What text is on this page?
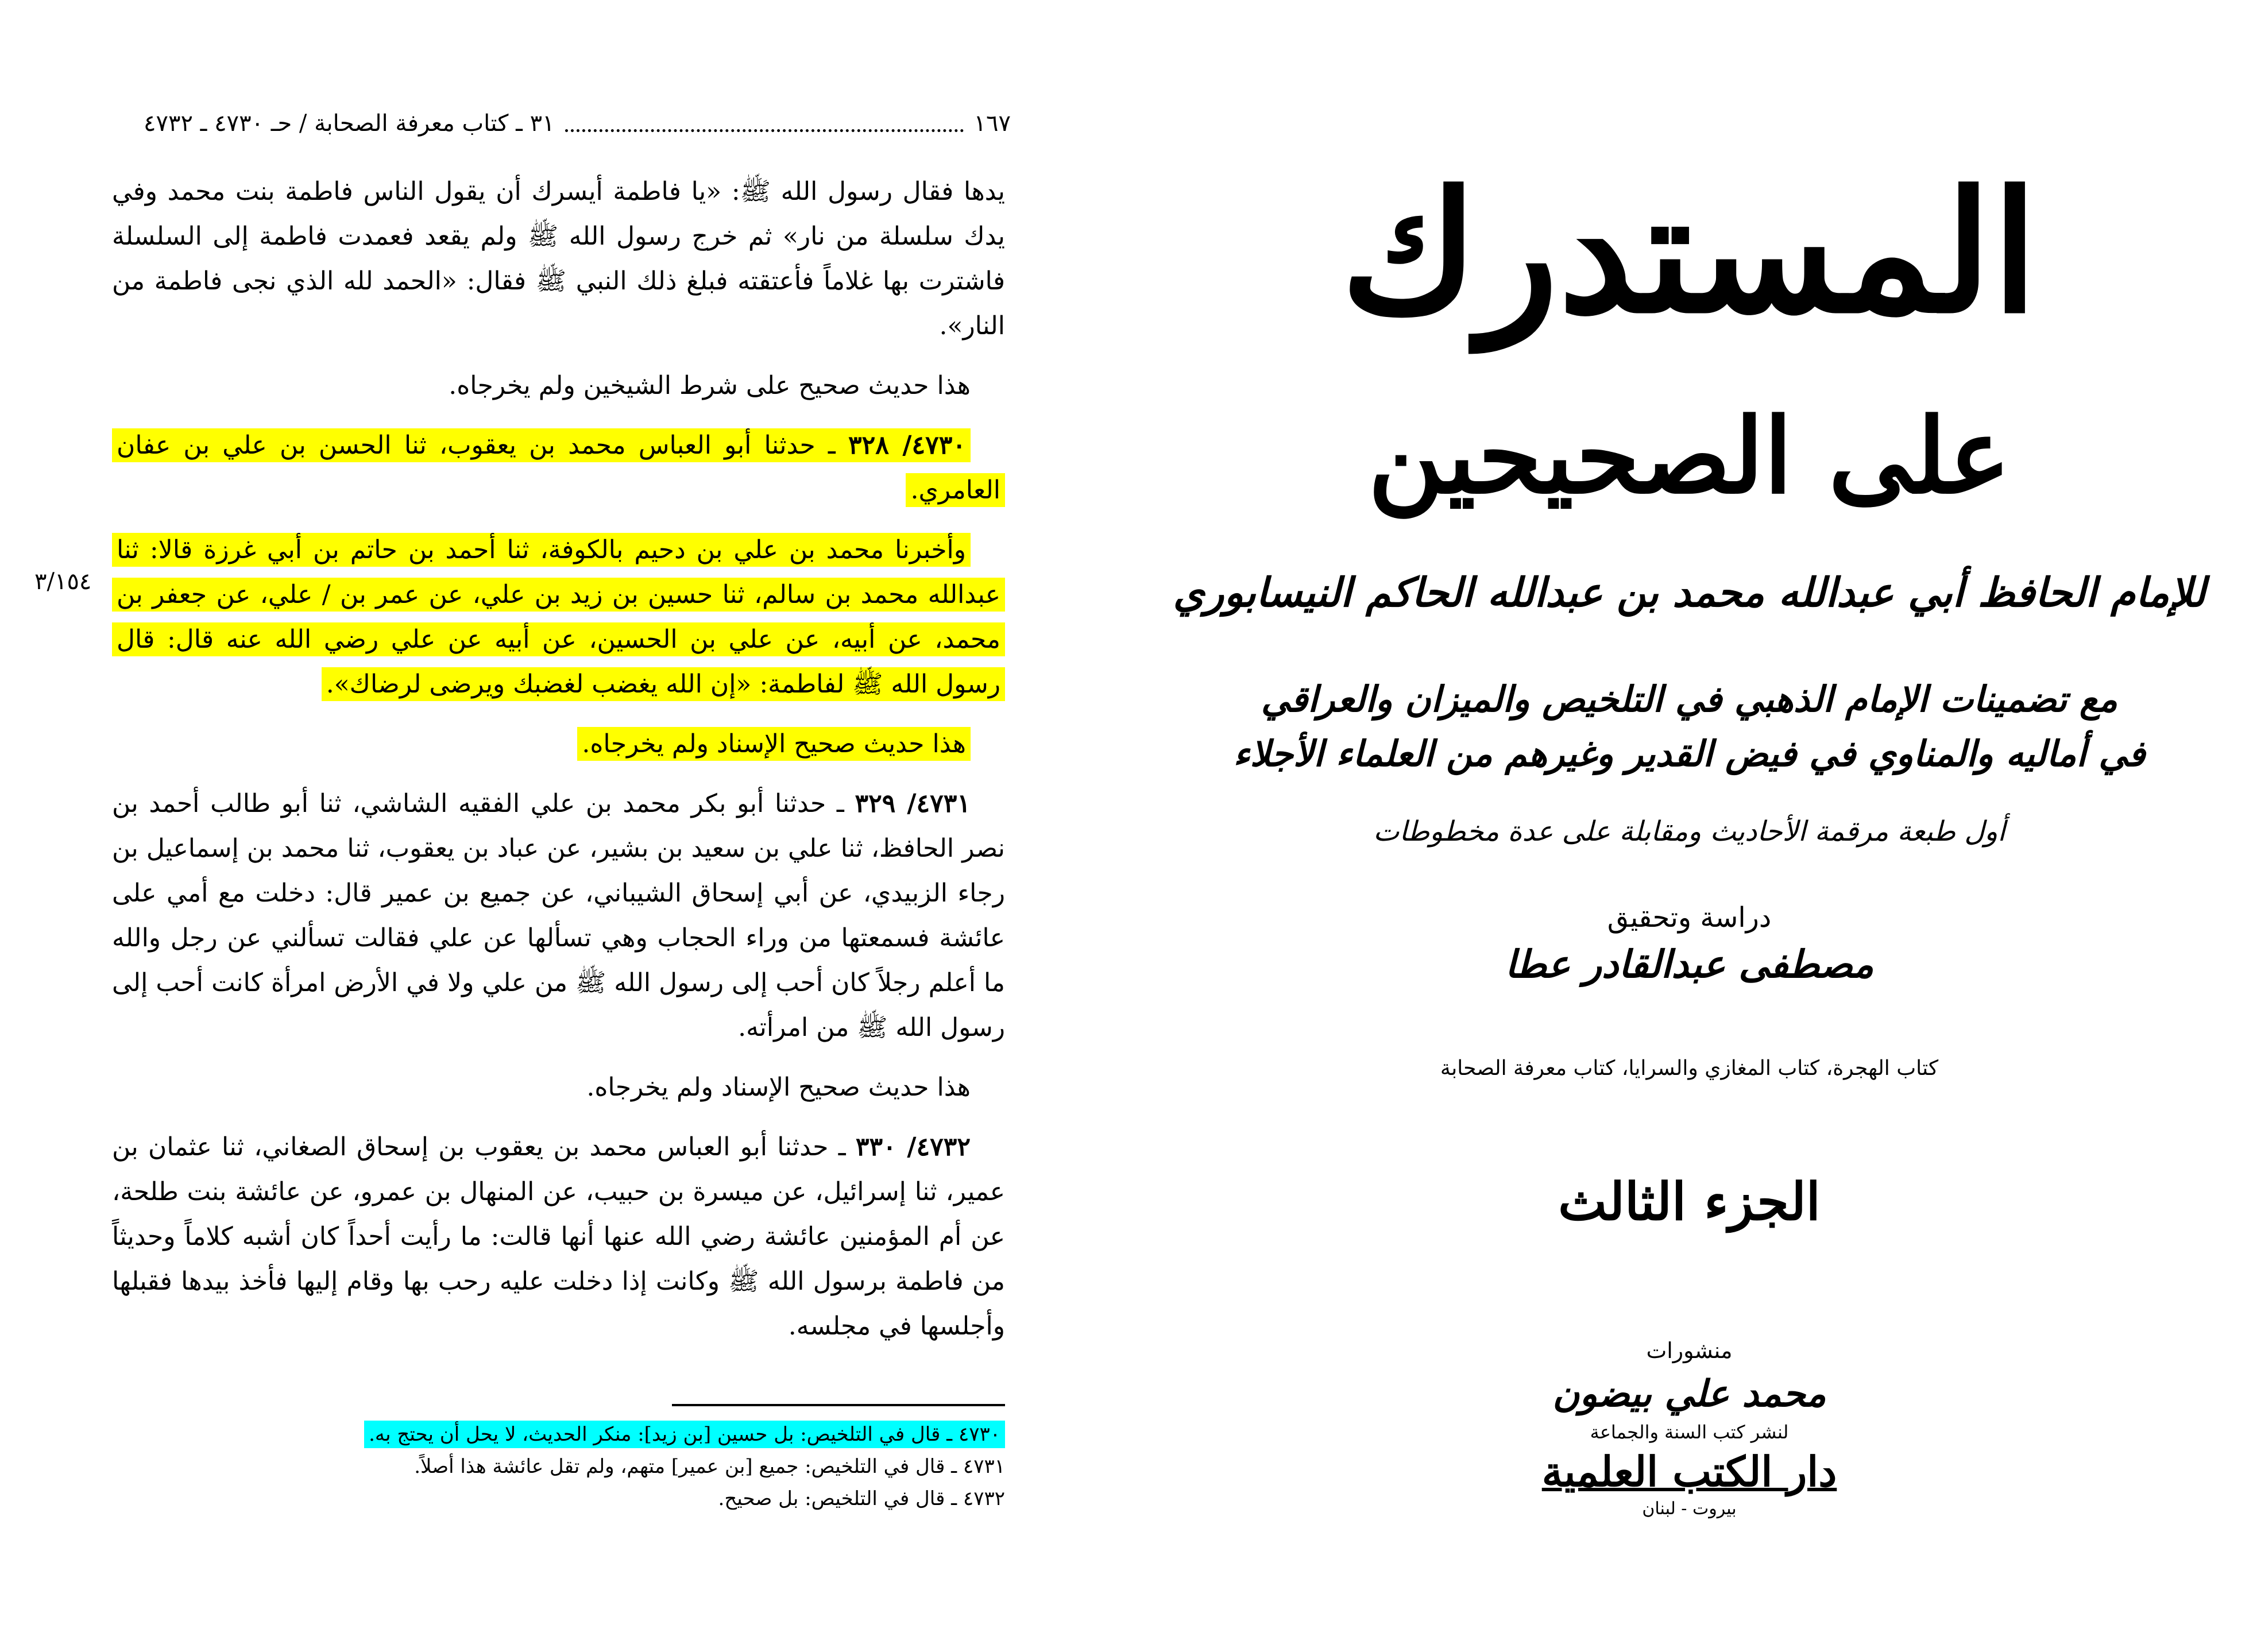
٣١ ـ كتاب معرفة الصحابة / حـ ٤٧٣٠ ـ ٤٧٣٢	١٦٧
٣/١٥٤

يدها فقال رسول الله ﷺ: «يا فاطمة أيسرك أن يقول الناس فاطمة بنت محمد وفي يدك سلسلة من نار» ثم خرج رسول الله ﷺ ولم يقعد فعمدت فاطمة إلى السلسلة فاشترت بها غلاماً فأعتقته فبلغ ذلك النبي ﷺ فقال: «الحمد لله الذي نجى فاطمة من النار».

هذا حديث صحيح على شرط الشيخين ولم يخرجاه.

٤٧٣٠/ ٣٢٨ ـ حدثنا أبو العباس محمد بن يعقوب، ثنا الحسن بن علي بن عفان العامري.

وأخبرنا محمد بن علي بن دحيم بالكوفة، ثنا أحمد بن حاتم بن أبي غرزة قالا: ثنا عبدالله محمد بن سالم، ثنا حسين بن زيد بن علي، عن عمر بن / علي، عن جعفر بن محمد، عن أبيه، عن علي بن الحسين، عن أبيه عن علي رضي الله عنه قال: قال رسول الله ﷺ لفاطمة: «إن الله يغضب لغضبك ويرضى لرضاك».

هذا حديث صحيح الإسناد ولم يخرجاه.

٤٧٣١/ ٣٢٩ ـ حدثنا أبو بكر محمد بن علي الفقيه الشاشي، ثنا أبو طالب أحمد بن نصر الحافظ، ثنا علي بن سعيد بن بشير، عن عباد بن يعقوب، ثنا محمد بن إسماعيل بن رجاء الزبيدي، عن أبي إسحاق الشيباني، عن جميع بن عمير قال: دخلت مع أمي على عائشة فسمعتها من وراء الحجاب وهي تسألها عن علي فقالت تسألني عن رجل والله ما أعلم رجلاً كان أحب إلى رسول الله ﷺ من علي ولا في الأرض امرأة كانت أحب إلى رسول الله ﷺ من امرأته.

هذا حديث صحيح الإسناد ولم يخرجاه.

٤٧٣٢/ ٣٣٠ ـ حدثنا أبو العباس محمد بن يعقوب بن إسحاق الصغاني، ثنا عثمان بن عمير، ثنا إسرائيل، عن ميسرة بن حبيب، عن المنهال بن عمرو، عن عائشة بنت طلحة، عن أم المؤمنين عائشة رضي الله عنها أنها قالت: ما رأيت أحداً كان أشبه كلاماً وحديثاً من فاطمة برسول الله ﷺ وكانت إذا دخلت عليه رحب بها وقام إليها فأخذ بيدها فقبلها وأجلسها في مجلسه.

٤٧٣٠ ـ قال في التلخيص: بل حسين [بن زيد]: منكر الحديث، لا يحل أن يحتج به.
٤٧٣١ ـ قال في التلخيص: جميع [بن عمير] متهم، ولم تقل عائشة هذا أصلاً.
٤٧٣٢ ـ قال في التلخيص: بل صحيح.
المستدرك
على الصحيحين
للإمام الحافظ أبي عبدالله محمد بن عبدالله الحاكم النيسابوري
مع تضمينات الإمام الذهبي في التلخيص والميزان والعراقي
في أماليه والمناوي في فيض القدير وغيرهم من العلماء الأجلاء
أول طبعة مرقمة الأحاديث ومقابلة على عدة مخطوطات
دراسة وتحقيق
مصطفى عبدالقادر عطا
كتاب الهجرة، كتاب المغازي والسرايا، كتاب معرفة الصحابة
الجزء الثالث
منشورات
محمد علي بيضون
لنشر كتب السنة والجماعة
دار الكتب العلمية
بيروت - لبنان
